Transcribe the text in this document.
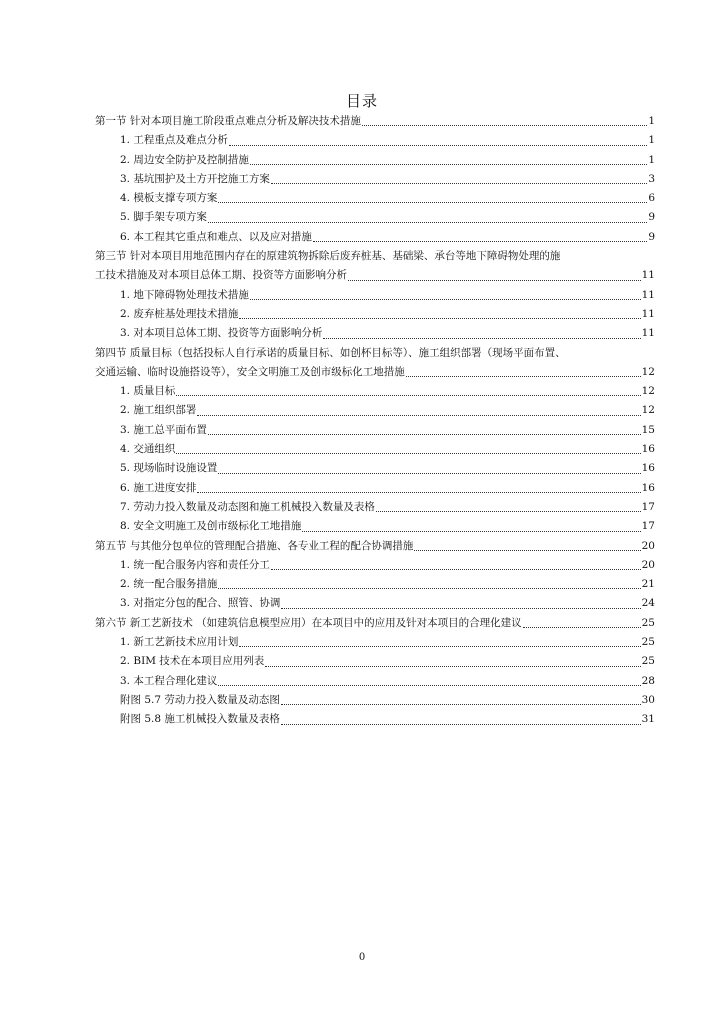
目录
第一节 针对本项目施工阶段重点难点分析及解决技术措施	1
1. 工程重点及难点分析	1
2. 周边安全防护及控制措施	1
3. 基坑围护及土方开挖施工方案	3
4. 模板支撑专项方案	6
5. 脚手架专项方案	9
6. 本工程其它重点和难点、以及应对措施	9
第三节 针对本项目用地范围内存在的原建筑物拆除后废弃桩基、基础梁、承台等地下障碍物处理的施
工技术措施及对本项目总体工期、投资等方面影响分析	11
1. 地下障碍物处理技术措施	11
2. 废弃桩基处理技术措施	11
3. 对本项目总体工期、投资等方面影响分析	11
第四节 质量目标（包括投标人自行承诺的质量目标、如创杯目标等）、施工组织部署（现场平面布置、
交通运输、临时设施搭设等），安全文明施工及创市级标化工地措施	12
1. 质量目标	12
2. 施工组织部署	12
3. 施工总平面布置	15
4. 交通组织	16
5. 现场临时设施设置	16
6. 施工进度安排	16
7. 劳动力投入数量及动态图和施工机械投入数量及表格	17
8. 安全文明施工及创市级标化工地措施	17
第五节 与其他分包单位的管理配合措施、各专业工程的配合协调措施	20
1. 统一配合服务内容和责任分工	20
2. 统一配合服务措施	21
3. 对指定分包的配合、照管、协调	24
第六节 新工艺新技术 （如建筑信息模型应用）在本项目中的应用及针对本项目的合理化建议	25
1. 新工艺新技术应用计划	25
2. BIM 技术在本项目应用列表	25
3. 本工程合理化建议	28
附图 5.7 劳动力投入数量及动态图	30
附图 5.8 施工机械投入数量及表格	31
0
